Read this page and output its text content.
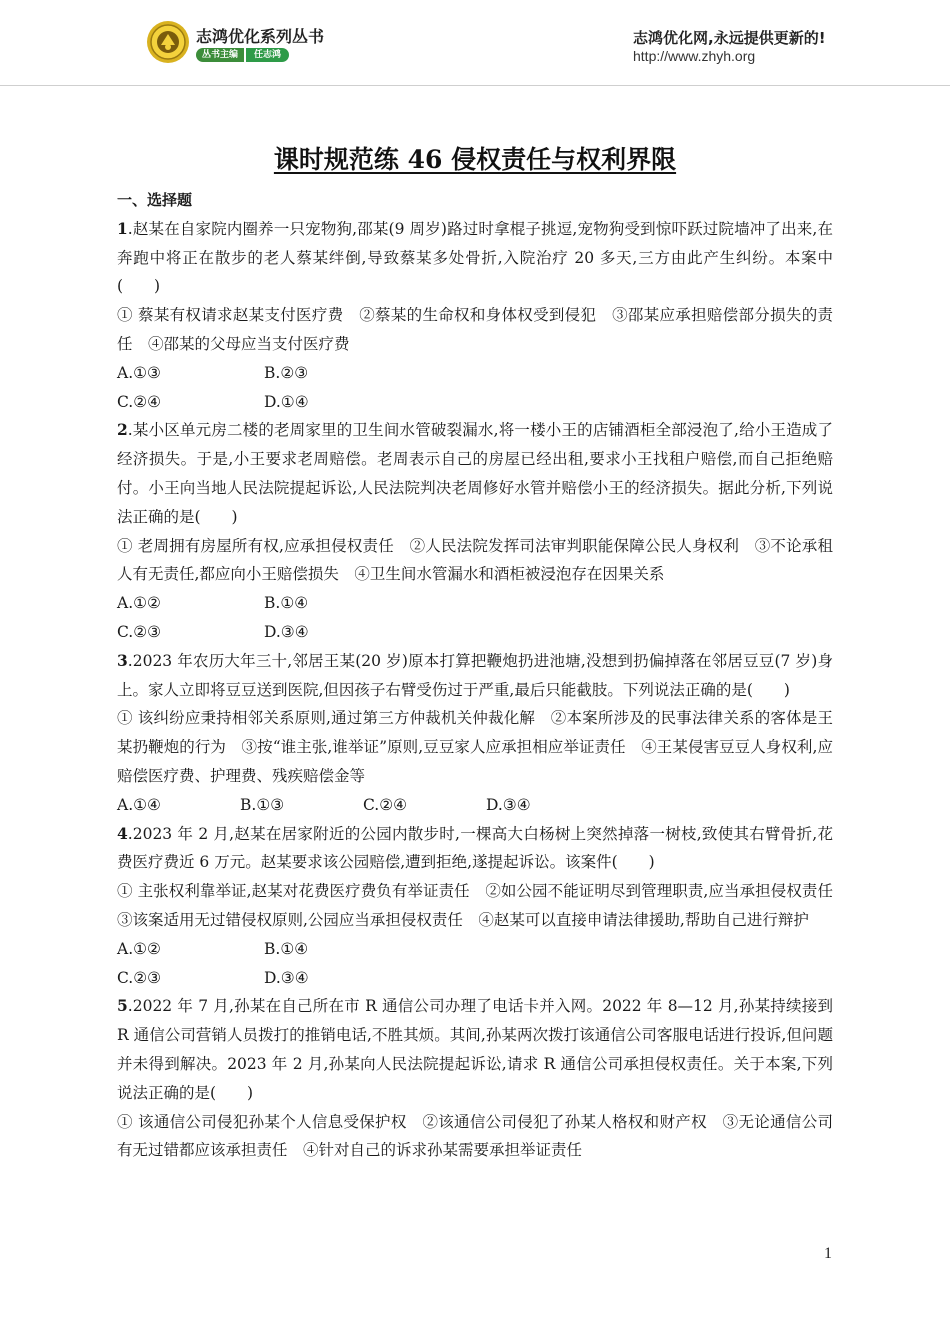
志鸿优化系列丛书
丛书主编	任志鸿
志鸿优化网,永远提供更新的!
http://www.zhyh.org
课时规范练 46 侵权责任与权利界限
一、选择题
1.赵某在自家院内圈养一只宠物狗,邵某(9 周岁)路过时拿棍子挑逗,宠物狗受到惊吓跃过院墙冲了出来,在奔跑中将正在散步的老人蔡某绊倒,导致蔡某多处骨折,入院治疗 20 多天,三方由此产生纠纷。本案中(　　)
① 蔡某有权请求赵某支付医疗费　②蔡某的生命权和身体权受到侵犯　③邵某应承担赔偿部分损失的责任　④邵某的父母应当支付医疗费
A.①③	B.②③
C.②④	D.①④
2.某小区单元房二楼的老周家里的卫生间水管破裂漏水,将一楼小王的店铺酒柜全部浸泡了,给小王造成了经济损失。于是,小王要求老周赔偿。老周表示自己的房屋已经出租,要求小王找租户赔偿,而自己拒绝赔付。小王向当地人民法院提起诉讼,人民法院判决老周修好水管并赔偿小王的经济损失。据此分析,下列说法正确的是(　　)
① 老周拥有房屋所有权,应承担侵权责任　②人民法院发挥司法审判职能保障公民人身权利　③不论承租人有无责任,都应向小王赔偿损失　④卫生间水管漏水和酒柜被浸泡存在因果关系
A.①②	B.①④
C.②③	D.③④
3.2023 年农历大年三十,邻居王某(20 岁)原本打算把鞭炮扔进池塘,没想到扔偏掉落在邻居豆豆(7 岁)身上。家人立即将豆豆送到医院,但因孩子右臂受伤过于严重,最后只能截肢。下列说法正确的是(　　)
① 该纠纷应秉持相邻关系原则,通过第三方仲裁机关仲裁化解　②本案所涉及的民事法律关系的客体是王某扔鞭炮的行为　③按“谁主张,谁举证”原则,豆豆家人应承担相应举证责任　④王某侵害豆豆人身权利,应赔偿医疗费、护理费、残疾赔偿金等
A.①④	B.①③	C.②④	D.③④
4.2023 年 2 月,赵某在居家附近的公园内散步时,一棵高大白杨树上突然掉落一树枝,致使其右臂骨折,花费医疗费近 6 万元。赵某要求该公园赔偿,遭到拒绝,遂提起诉讼。该案件(　　)
① 主张权利靠举证,赵某对花费医疗费负有举证责任　②如公园不能证明尽到管理职责,应当承担侵权责任　③该案适用无过错侵权原则,公园应当承担侵权责任　④赵某可以直接申请法律援助,帮助自己进行辩护
A.①②	B.①④
C.②③	D.③④
5.2022 年 7 月,孙某在自己所在市 R 通信公司办理了电话卡并入网。2022 年 8—12 月,孙某持续接到 R 通信公司营销人员拨打的推销电话,不胜其烦。其间,孙某两次拨打该通信公司客服电话进行投诉,但问题并未得到解决。2023 年 2 月,孙某向人民法院提起诉讼,请求 R 通信公司承担侵权责任。关于本案,下列说法正确的是(　　)
① 该通信公司侵犯孙某个人信息受保护权　②该通信公司侵犯了孙某人格权和财产权　③无论通信公司有无过错都应该承担责任　④针对自己的诉求孙某需要承担举证责任
1
